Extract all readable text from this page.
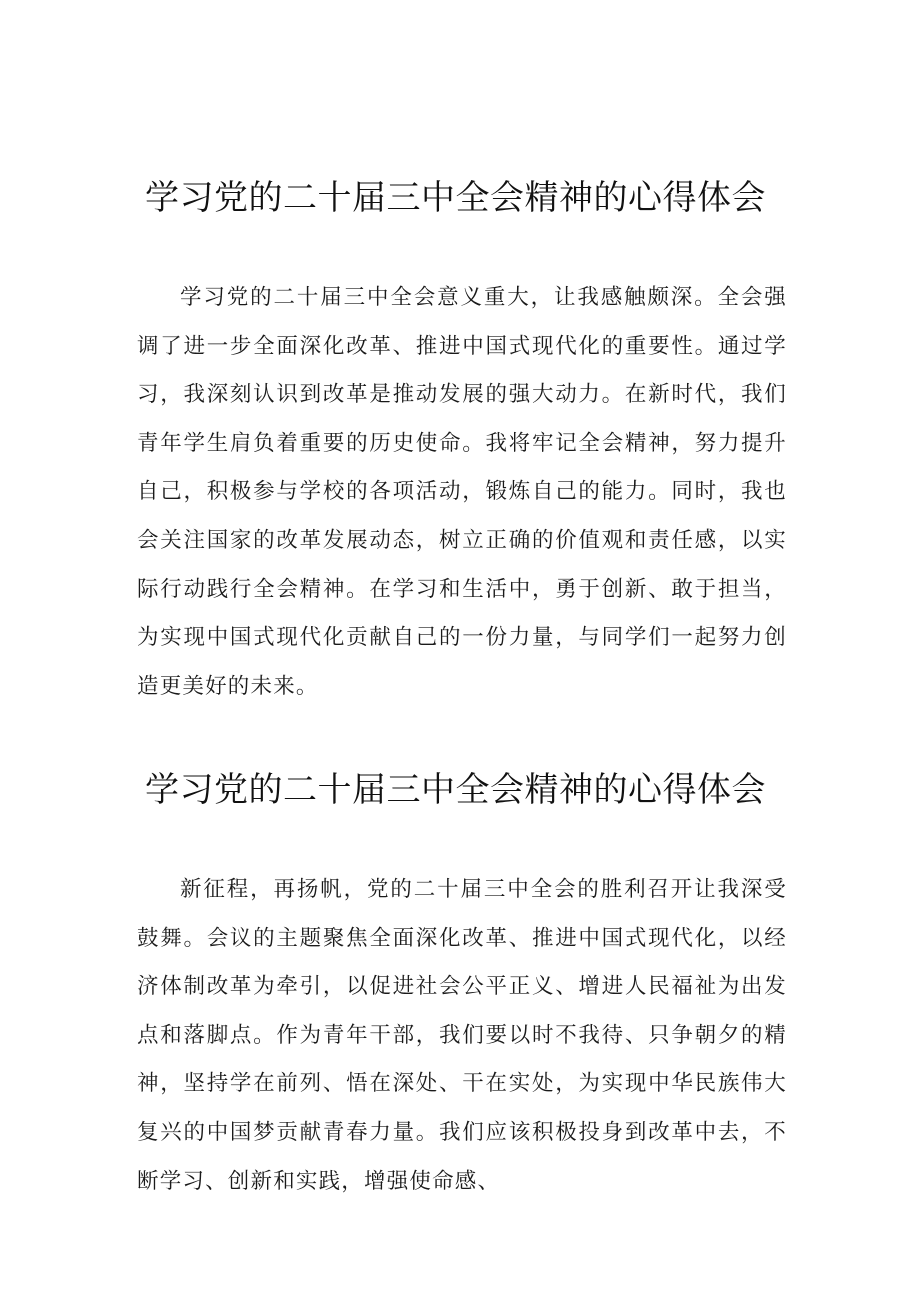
学习党的二十届三中全会精神的心得体会

学习党的二十届三中全会意义重大，让我感触颇深。全会强调了进一步全面深化改革、推进中国式现代化的重要性。通过学习，我深刻认识到改革是推动发展的强大动力。在新时代，我们青年学生肩负着重要的历史使命。我将牢记全会精神，努力提升自己，积极参与学校的各项活动，锻炼自己的能力。同时，我也会关注国家的改革发展动态，树立正确的价值观和责任感，以实际行动践行全会精神。在学习和生活中，勇于创新、敢于担当，为实现中国式现代化贡献自己的一份力量，与同学们一起努力创造更美好的未来。

学习党的二十届三中全会精神的心得体会

新征程，再扬帆，党的二十届三中全会的胜利召开让我深受鼓舞。会议的主题聚焦全面深化改革、推进中国式现代化，以经济体制改革为牵引，以促进社会公平正义、增进人民福祉为出发点和落脚点。作为青年干部，我们要以时不我待、只争朝夕的精神，坚持学在前列、悟在深处、干在实处，为实现中华民族伟大复兴的中国梦贡献青春力量。我们应该积极投身到改革中去，不断学习、创新和实践，增强使命感、
